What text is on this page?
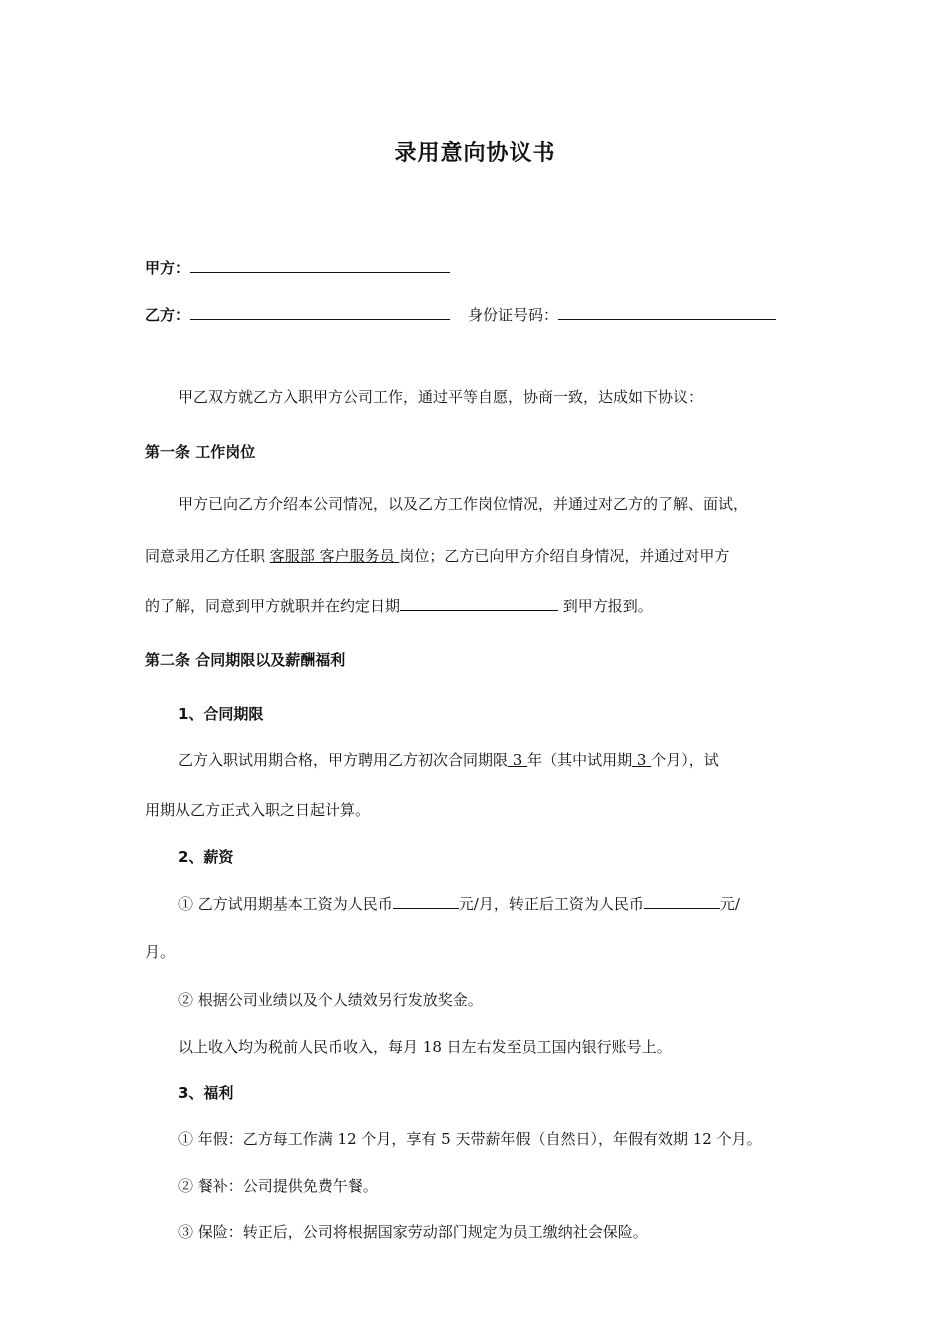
录用意向协议书
甲方：
乙方：	身份证号码：
甲乙双方就乙方入职甲方公司工作，通过平等自愿，协商一致，达成如下协议：
第一条 工作岗位
甲方已向乙方介绍本公司情况，以及乙方工作岗位情况，并通过对乙方的了解、面试，
同意录用乙方任职 客服部 客户服务员 岗位；乙方已向甲方介绍自身情况，并通过对甲方
的了解，同意到甲方就职并在约定日期	到甲方报到。
第二条 合同期限以及薪酬福利
1、合同期限
乙方入职试用期合格，甲方聘用乙方初次合同期限 3 年（其中试用期 3 个月），试
用期从乙方正式入职之日起计算。
2、薪资
① 乙方试用期基本工资为人民币	元/月，转正后工资为人民币	元/
月。
② 根据公司业绩以及个人绩效另行发放奖金。
以上收入均为税前人民币收入，每月 18 日左右发至员工国内银行账号上。
3、福利
① 年假：乙方每工作满 12 个月，享有 5 天带薪年假（自然日），年假有效期 12 个月。
② 餐补：公司提供免费午餐。
③ 保险：转正后，公司将根据国家劳动部门规定为员工缴纳社会保险。
